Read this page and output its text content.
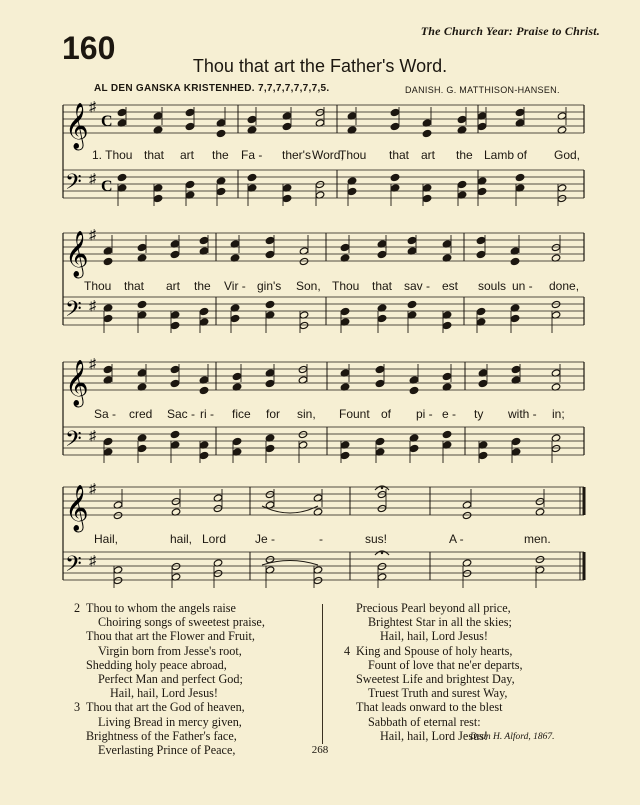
The Church Year: Praise to Christ.
160	Thou that art the Father's Word.
AL DEN GANSKA KRISTENHED. 7,7,7,7,7,7,7,5.	DANISH. G. MATTHISON-HANSEN.
𝄞
𝄢
♯
♯
C
C
𝄞
𝄢
♯
♯
𝄞
𝄢
♯
♯
𝄞
𝄢
♯
♯
1. Thou that art the Fa - ther's Word,
Thou that art the Lamb of God,
Thou that art the Vir - gin's Son, Thou that sav - est souls un - done,
Sa - cred Sac - ri - fice for sin, Fount of pi - e - ty with - in;
Hail,	hail, Lord Je -	-	sus!	A -	men.
2 Thou to whom the angels raise
Choiring songs of sweetest praise,
Thou that art the Flower and Fruit,
Virgin born from Jesse's root,
Shedding holy peace abroad,
Perfect Man and perfect God;
Hail, hail, Lord Jesus!
3 Thou that art the God of heaven,
Living Bread in mercy given,
Brightness of the Father's face,
Everlasting Prince of Peace,
Precious Pearl beyond all price,
Brightest Star in all the skies;
Hail, hail, Lord Jesus!
4 King and Spouse of holy hearts,
Fount of love that ne'er departs,
Sweetest Life and brightest Day,
Truest Truth and surest Way,
That leads onward to the blest
Sabbath of eternal rest:
Hail, hail, Lord Jesus!
Dean H. Alford, 1867.
268
